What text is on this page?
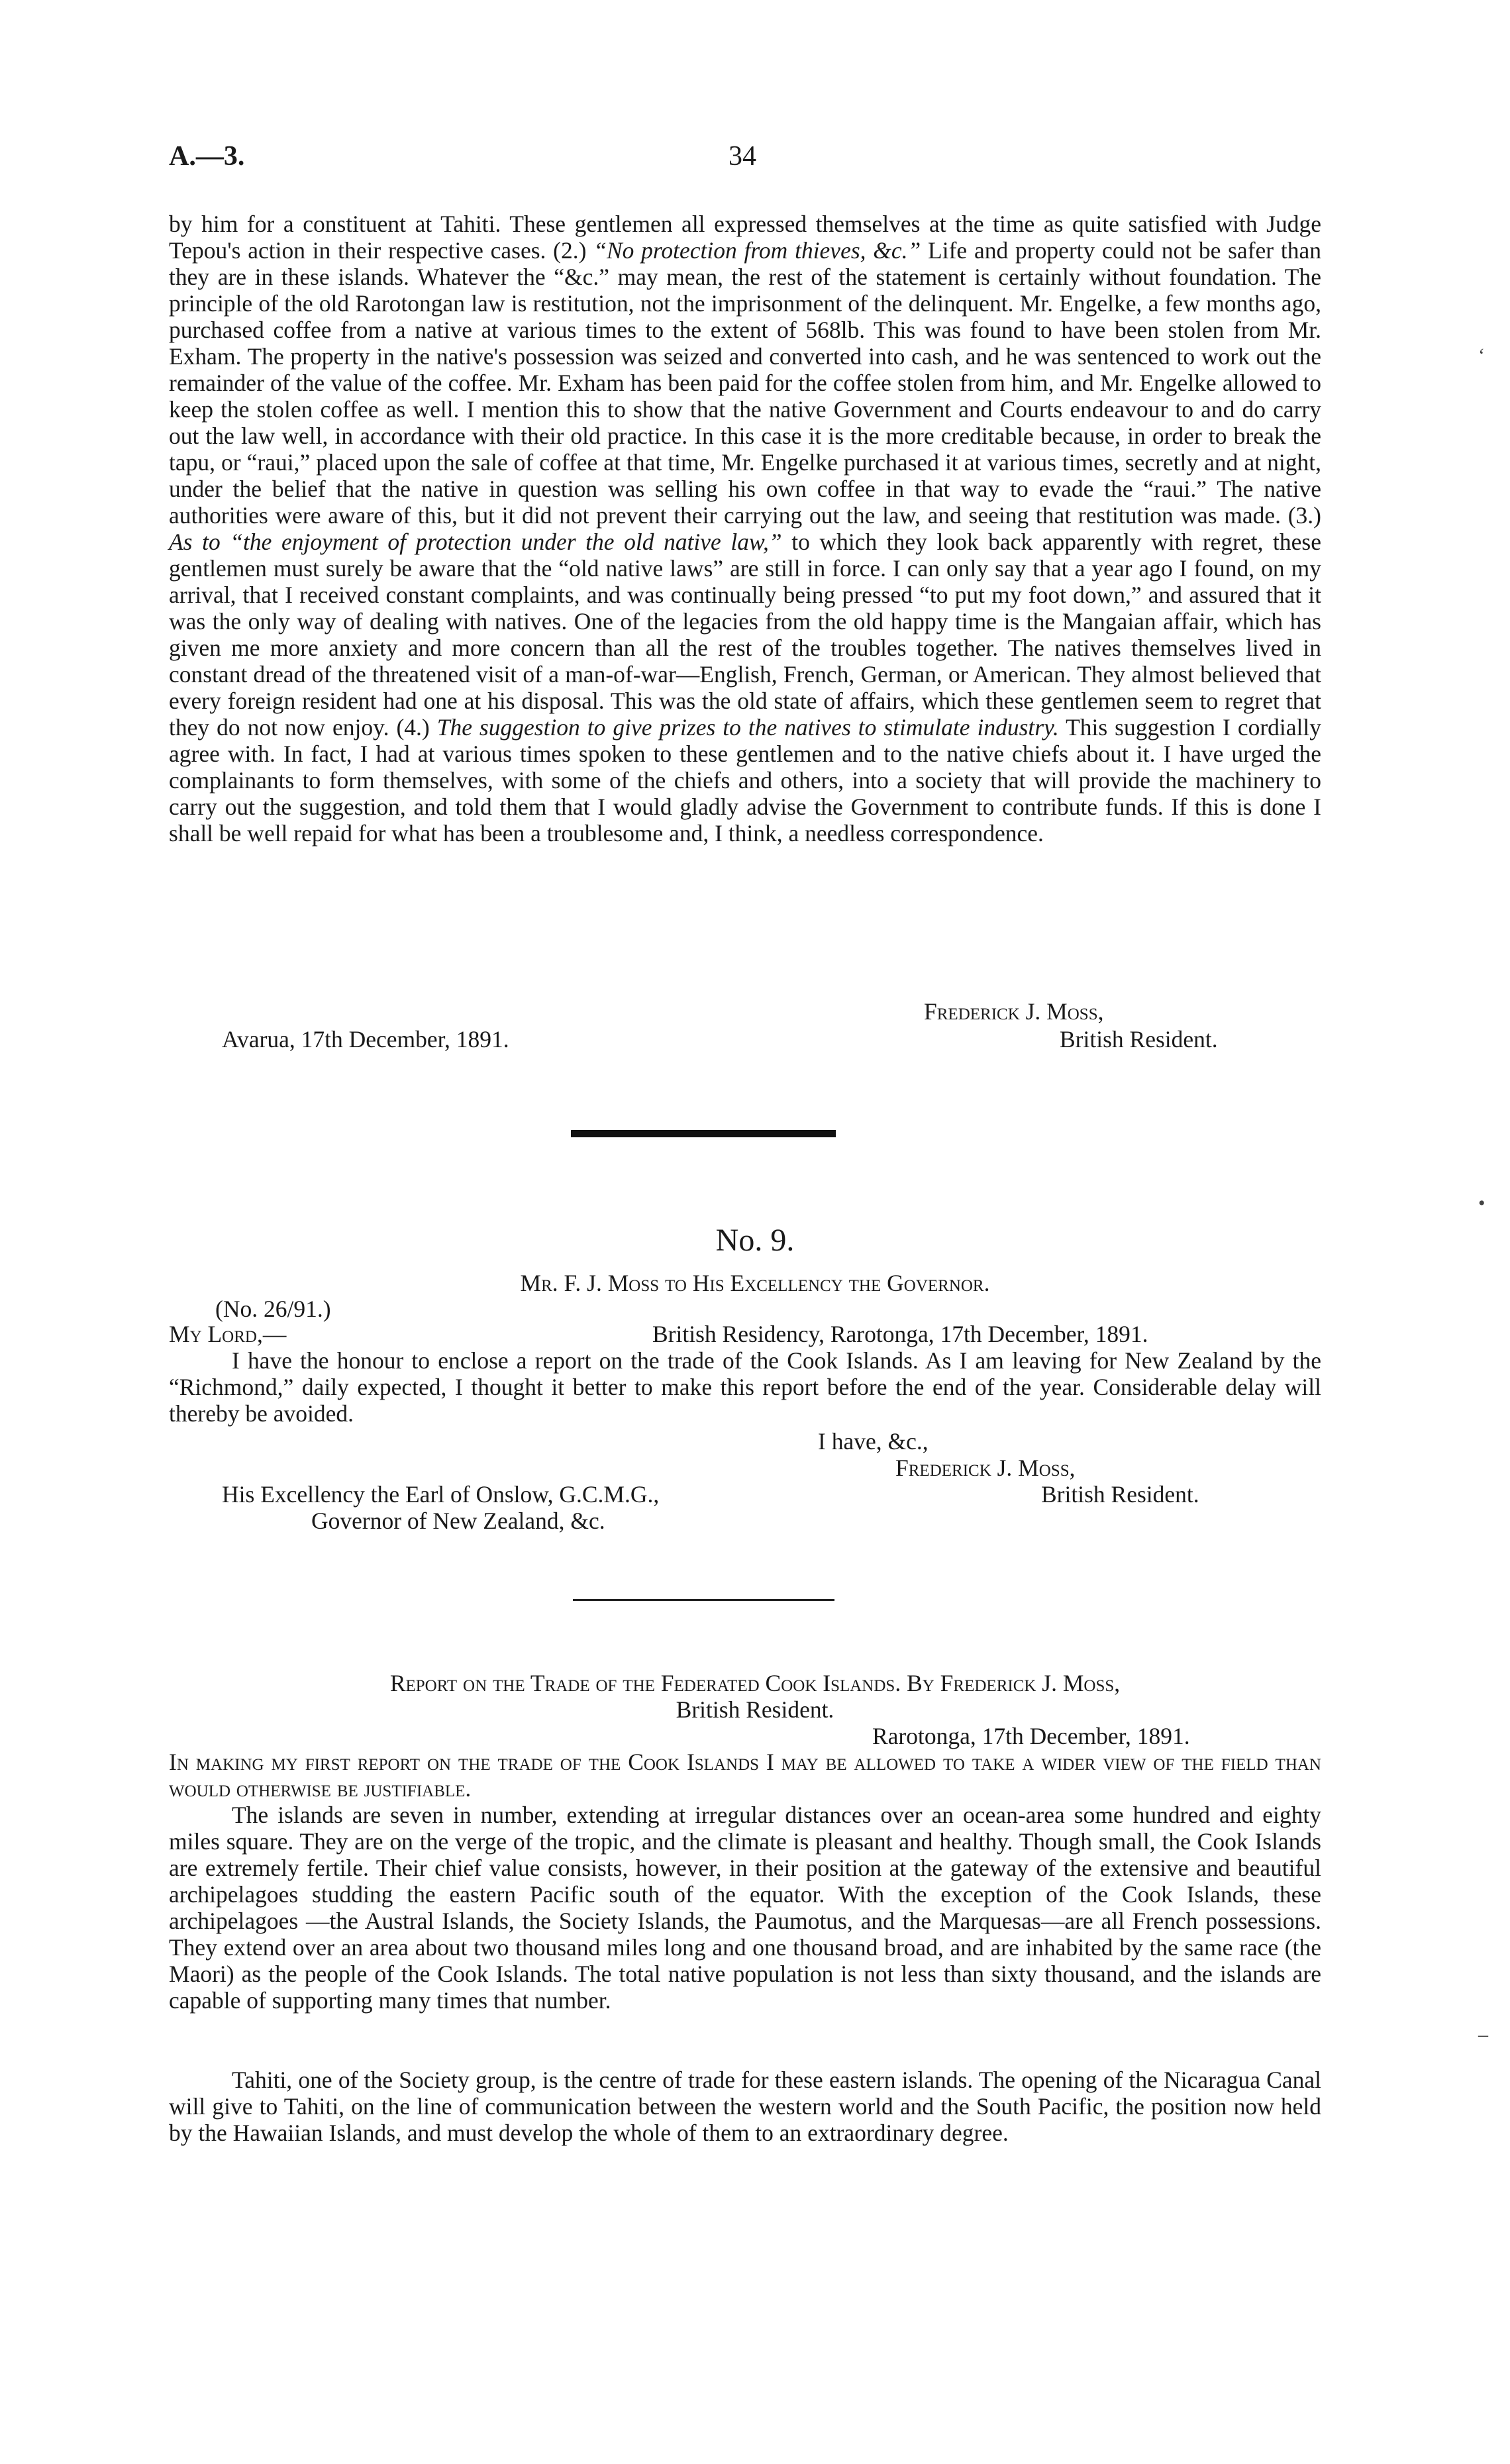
A.—3.	34

by him for a constituent at Tahiti. These gentlemen all expressed themselves at the time as quite satisfied with Judge Tepou's action in their respective cases. (2.) “No protection from thieves, &c.” Life and property could not be safer than they are in these islands. Whatever the “&c.” may mean, the rest of the statement is certainly without foundation. The principle of the old Rarotongan law is restitution, not the imprisonment of the delinquent. Mr. Engelke, a few months ago, purchased coffee from a native at various times to the extent of 568lb. This was found to have been stolen from Mr. Exham. The property in the native's possession was seized and converted into cash, and he was sentenced to work out the remainder of the value of the coffee. Mr. Exham has been paid for the coffee stolen from him, and Mr. Engelke allowed to keep the stolen coffee as well. I mention this to show that the native Government and Courts endeavour to and do carry out the law well, in accordance with their old practice. In this case it is the more creditable because, in order to break the tapu, or “raui,” placed upon the sale of coffee at that time, Mr. Engelke purchased it at various times, secretly and at night, under the belief that the native in question was selling his own coffee in that way to evade the “raui.” The native authorities were aware of this, but it did not prevent their carrying out the law, and seeing that restitution was made. (3.) As to “the enjoyment of protection under the old native law,” to which they look back apparently with regret, these gentlemen must surely be aware that the “old native laws” are still in force. I can only say that a year ago I found, on my arrival, that I received constant complaints, and was continually being pressed “to put my foot down,” and assured that it was the only way of dealing with natives. One of the legacies from the old happy time is the Mangaian affair, which has given me more anxiety and more concern than all the rest of the troubles together. The natives themselves lived in constant dread of the threatened visit of a man-of-war—English, French, German, or American. They almost believed that every foreign resident had one at his disposal. This was the old state of affairs, which these gentlemen seem to regret that they do not now enjoy. (4.) The suggestion to give prizes to the natives to stimulate industry. This suggestion I cordially agree with. In fact, I had at various times spoken to these gentlemen and to the native chiefs about it. I have urged the complainants to form themselves, with some of the chiefs and others, into a society that will provide the machinery to carry out the suggestion, and told them that I would gladly advise the Government to contribute funds. If this is done I shall be well repaid for what has been a troublesome and, I think, a needless correspondence.

Frederick J. Moss,
Avarua, 17th December, 1891.	British Resident.
No. 9.
Mr. F. J. Moss to His Excellency the Governor.
(No. 26/91.)
My Lord,—	British Residency, Rarotonga, 17th December, 1891.

I have the honour to enclose a report on the trade of the Cook Islands. As I am leaving for New Zealand by the “Richmond,” daily expected, I thought it better to make this report before the end of the year. Considerable delay will thereby be avoided.

I have, &c.,
Frederick J. Moss,
His Excellency the Earl of Onslow, G.C.M.G.,	British Resident.
Governor of New Zealand, &c.
Report on the Trade of the Federated Cook Islands. By Frederick J. Moss,
British Resident.
Rarotonga, 17th December, 1891.

In making my first report on the trade of the Cook Islands I may be allowed to take a wider view of the field than would otherwise be justifiable.

The islands are seven in number, extending at irregular distances over an ocean-area some hundred and eighty miles square. They are on the verge of the tropic, and the climate is pleasant and healthy. Though small, the Cook Islands are extremely fertile. Their chief value consists, however, in their position at the gateway of the extensive and beautiful archipelagoes studding the eastern Pacific south of the equator. With the exception of the Cook Islands, these archipelagoes —the Austral Islands, the Society Islands, the Paumotus, and the Marquesas—are all French possessions. They extend over an area about two thousand miles long and one thousand broad, and are inhabited by the same race (the Maori) as the people of the Cook Islands. The total native population is not less than sixty thousand, and the islands are capable of supporting many times that number.

Tahiti, one of the Society group, is the centre of trade for these eastern islands. The opening of the Nicaragua Canal will give to Tahiti, on the line of communication between the western world and the South Pacific, the position now held by the Hawaiian Islands, and must develop the whole of them to an extraordinary degree.

‘
•
–
